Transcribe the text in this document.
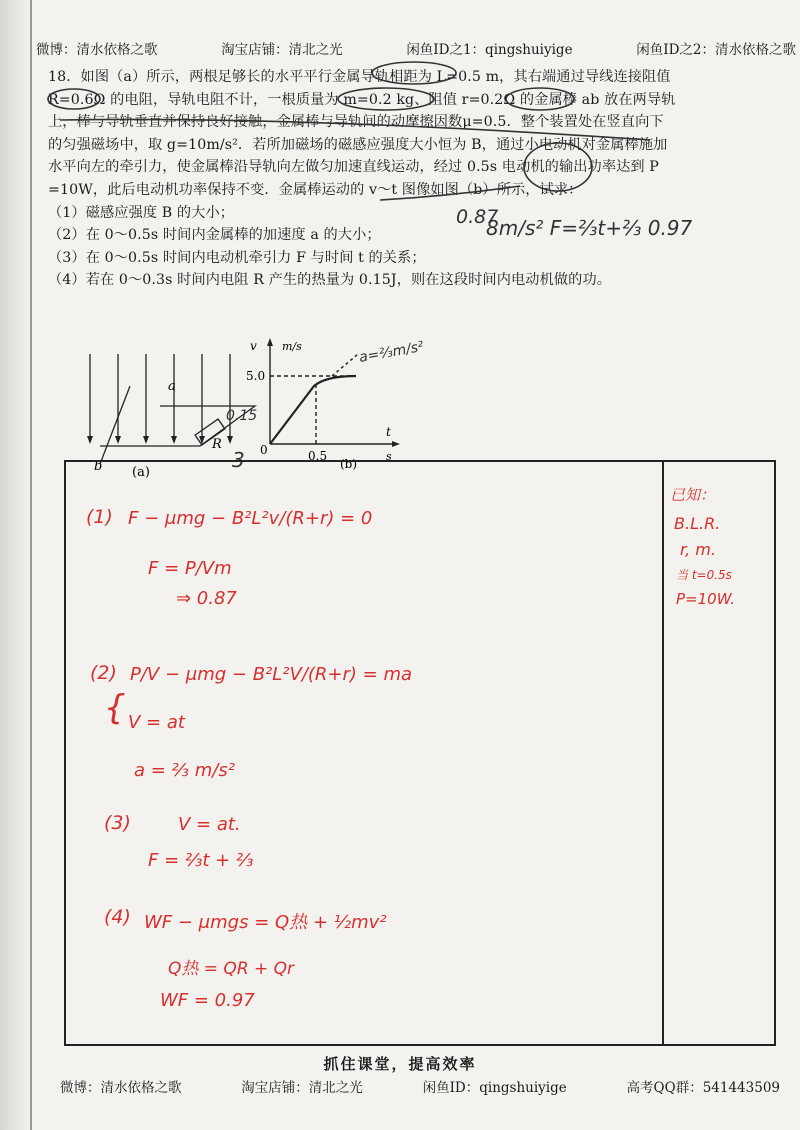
微博：清水依格之歌	淘宝店铺：清北之光	闲鱼ID之1：qingshuiyige	闲鱼ID之2：清水依格之歌

18．如图（a）所示，两根足够长的水平平行金属导轨相距为 L=0.5 m，其右端通过导线连接阻值

R=0.6Ω 的电阻，导轨电阻不计，一根质量为 m=0.2 kg、阻值 r=0.2Ω 的金属棒 ab 放在两导轨

上，棒与导轨垂直并保持良好接触，金属棒与导轨间的动摩擦因数μ=0.5．整个装置处在竖直向下

的匀强磁场中，取 g=10m/s²．若所加磁场的磁感应强度大小恒为 B，通过小电动机对金属棒施加

水平向左的牵引力，使金属棒沿导轨向左做匀加速直线运动，经过 0.5s 电动机的输出功率达到 P

=10W，此后电动机功率保持不变．金属棒运动的 v～t 图像如图（b）所示，试求：

（1）磁感应强度 B 的大小；

（2）在 0～0.5s 时间内金属棒的加速度 a 的大小；

（3）在 0～0.5s 时间内电动机牵引力 F 与时间 t 的关系；

（4）若在 0～0.3s 时间内电阻 R 产生的热量为 0.15J，则在这段时间内电动机做的功。

0.87
8m/s² F=⅔t+⅔ 0.97
a
b
R
0.15
(a)
v m/s
5.0
0	0.5
t
s
(b)
a=⅔m/s²
3
(1) F − μmg − B²L²v/(R+r) = 0
F = P/Vm
⇒ 0.87
(2) P/V − μmg − B²L²V/(R+r) = ma
{ V = at
a = ⅔ m/s²
(3)	V = at.
F = ⅔t + ⅔
(4) WF − μmgs = Q热 + ½mv²
Q热 = QR + Qr
WF = 0.97
已知：
B.L.R.
r, m.
当 t=0.5s
P=10W.
抓住课堂，提高效率
微博：清水依格之歌	淘宝店铺：清北之光	闲鱼ID：qingshuiyige	高考QQ群：541443509
